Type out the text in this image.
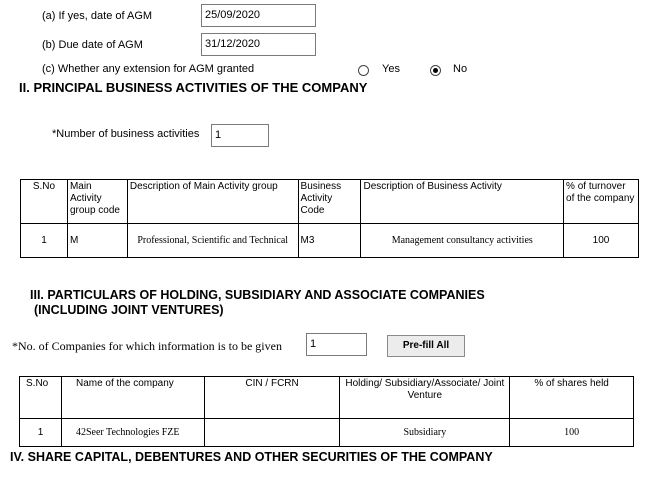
(a) If yes, date of AGM	25/09/2020
(b) Due date of AGM	31/12/2020
(c) Whether any extension for AGM granted	Yes	No
II. PRINCIPAL BUSINESS ACTIVITIES OF THE COMPANY
*Number of business activities	1
S.No	Main Activity group code	Description of Main Activity group	Business Activity Code	Description of Business Activity	% of turnover of the company
1	M	Professional, Scientific and Technical	M3	Management consultancy activities	100
III. PARTICULARS OF HOLDING, SUBSIDIARY AND ASSOCIATE COMPANIES
(INCLUDING JOINT VENTURES)
*No. of Companies for which information is to be given	1	Pre-fill All
S.No	Name of the company	CIN / FCRN	Holding/ Subsidiary/Associate/ Joint Venture	% of shares held
1	42Seer Technologies FZE		Subsidiary	100
IV. SHARE CAPITAL, DEBENTURES AND OTHER SECURITIES OF THE COMPANY
